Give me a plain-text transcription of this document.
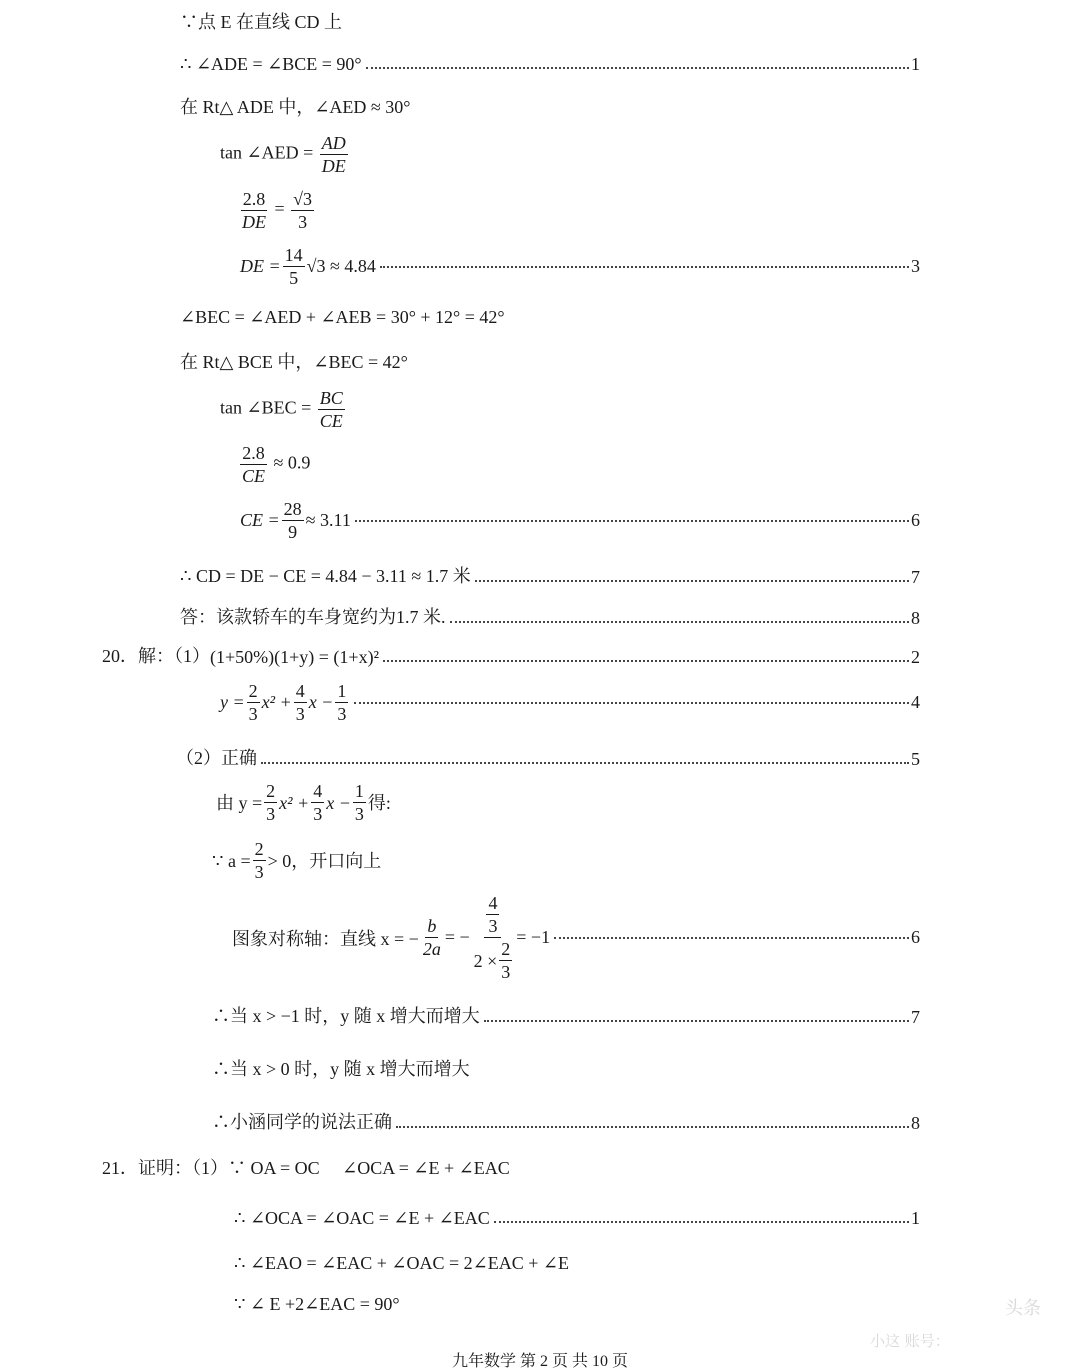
∵点 E 在直线 CD 上
∴ ∠ADE = ∠BCE = 90°	1
在 Rt△ ADE 中，∠AED ≈ 30°
tan ∠AED = $\frac{AD}{DE}$
$\frac{2.8}{DE} = \frac{√3}{3}$
DE = $\frac{14}{5} √3 \approx 4.84$	3
∠BEC = ∠AED + ∠AEB = 30° + 12° = 42°
在 Rt△ BCE 中，∠BEC = 42°
tan ∠BEC = $\frac{BC}{CE}$
$\frac{2.8}{CE} \approx 0.9$
CE = $\frac{28}{9} \approx 3.11$	6
∴ CD = DE − CE = 4.84 − 3.11 ≈ 1.7 米	7
答：该款轿车的车身宽约为1.7 米.	8
20．解：（1） (1+50%)(1+y) = (1+x)²	2
$y = \frac{2}{3} x^2 + \frac{4}{3}$ $x - \frac{1}{3}$	4
（2）正确	5
由 $y = \frac{2}{3} x^2 + \frac{4}{3}$ $x - \frac{1}{3}$ 得:
∵ $a = \frac{2}{3} > 0$，开口向上
图象对称轴：直线 x = − $\frac{b}{2a}$ = − $\frac{\frac{4}{3}}{2 \times \frac{2}{3}} = -1$	6
∴当 x > −1 时，y 随 x 增大而增大	7
∴当 x > 0 时，y 随 x 增大而增大
∴小涵同学的说法正确	8
21．证明：（1）∵ OA = OC　 ∠OCA = ∠E + ∠EAC
∴ ∠OCA = ∠OAC = ∠E + ∠EAC	1
∴ ∠EAO = ∠EAC + ∠OAC = 2∠EAC + ∠E
∵ ∠ E +2∠EAC = 90°	头条
小这 账号：
九年数学 第 2 页 共 10 页
